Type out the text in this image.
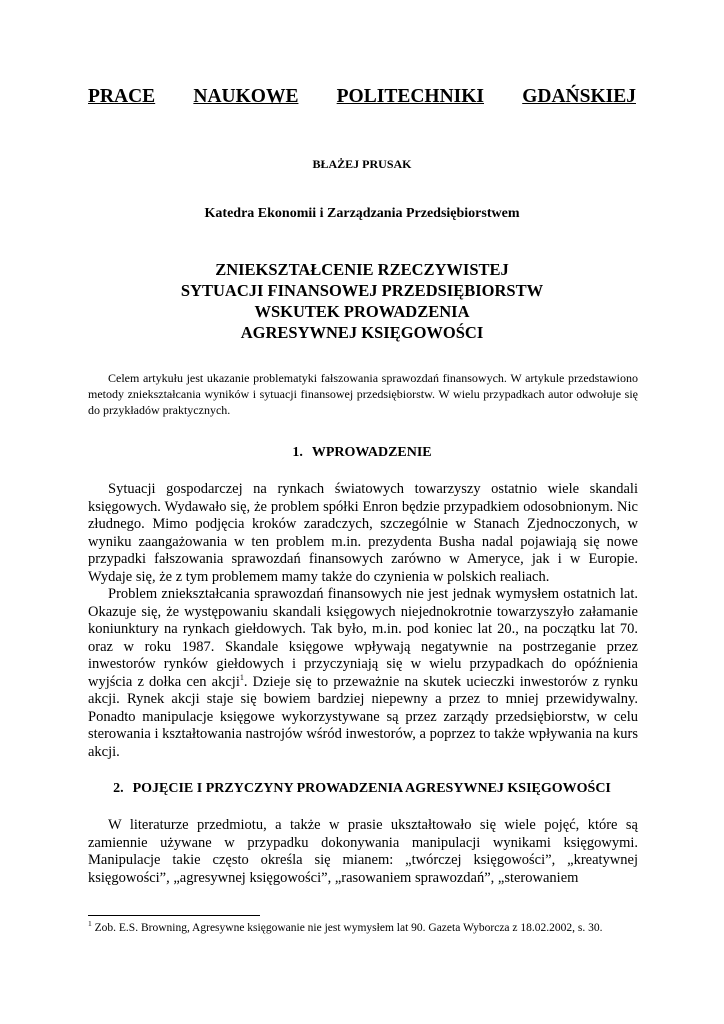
PRACE NAUKOWE POLITECHNIKI GDAŃSKIEJ
BŁAŻEJ PRUSAK
Katedra Ekonomii i Zarządzania Przedsiębiorstwem
ZNIEKSZTAŁCENIE RZECZYWISTEJ
SYTUACJI FINANSOWEJ PRZEDSIĘBIORSTW
WSKUTEK PROWADZENIA
AGRESYWNEJ KSIĘGOWOŚCI

Celem artykułu jest ukazanie problematyki fałszowania sprawozdań finansowych. W artykule przedstawiono metody zniekształcania wyników i sytuacji finansowej przedsiębiorstw. W wielu przypadkach autor odwołuje się do przykładów praktycznych.

1. WPROWADZENIE

Sytuacji gospodarczej na rynkach światowych towarzyszy ostatnio wiele skandali księgowych. Wydawało się, że problem spółki Enron będzie przypadkiem odosobnionym. Nic złudnego. Mimo podjęcia kroków zaradczych, szczególnie w Stanach Zjednoczonych, w wyniku zaangażowania w ten problem m.in. prezydenta Busha nadal pojawiają się nowe przypadki fałszowania sprawozdań finansowych zarówno w Ameryce, jak i w Europie. Wydaje się, że z tym problemem mamy także do czynienia w polskich realiach.

Problem zniekształcania sprawozdań finansowych nie jest jednak wymysłem ostatnich lat. Okazuje się, że występowaniu skandali księgowych niejednokrotnie towarzyszyło załamanie koniunktury na rynkach giełdowych. Tak było, m.in. pod koniec lat 20., na początku lat 70. oraz w roku 1987. Skandale księgowe wpływają negatywnie na postrzeganie przez inwestorów rynków giełdowych i przyczyniają się w wielu przypadkach do opóźnienia wyjścia z dołka cen akcji$^1$. Dzieje się to przeważnie na skutek ucieczki inwestorów z rynku akcji. Rynek akcji staje się bowiem bardziej niepewny a przez to mniej przewidywalny. Ponadto manipulacje księgowe wykorzystywane są przez zarządy przedsiębiorstw, w celu sterowania i kształtowania nastrojów wśród inwestorów, a poprzez to także wpływania na kurs akcji.

2. POJĘCIE I PRZYCZYNY PROWADZENIA AGRESYWNEJ KSIĘGOWOŚCI

W literaturze przedmiotu, a także w prasie ukształtowało się wiele pojęć, które są zamiennie używane w przypadku dokonywania manipulacji wynikami księgowymi. Manipulacje takie często określa się mianem: „twórczej księgowości”, „kreatywnej księgowości”, „agresywnej księgowości”, „rasowaniem sprawozdań”, „sterowaniem

$^1$ Zob. E.S. Browning, Agresywne księgowanie nie jest wymysłem lat 90. Gazeta Wyborcza z 18.02.2002, s. 30.
